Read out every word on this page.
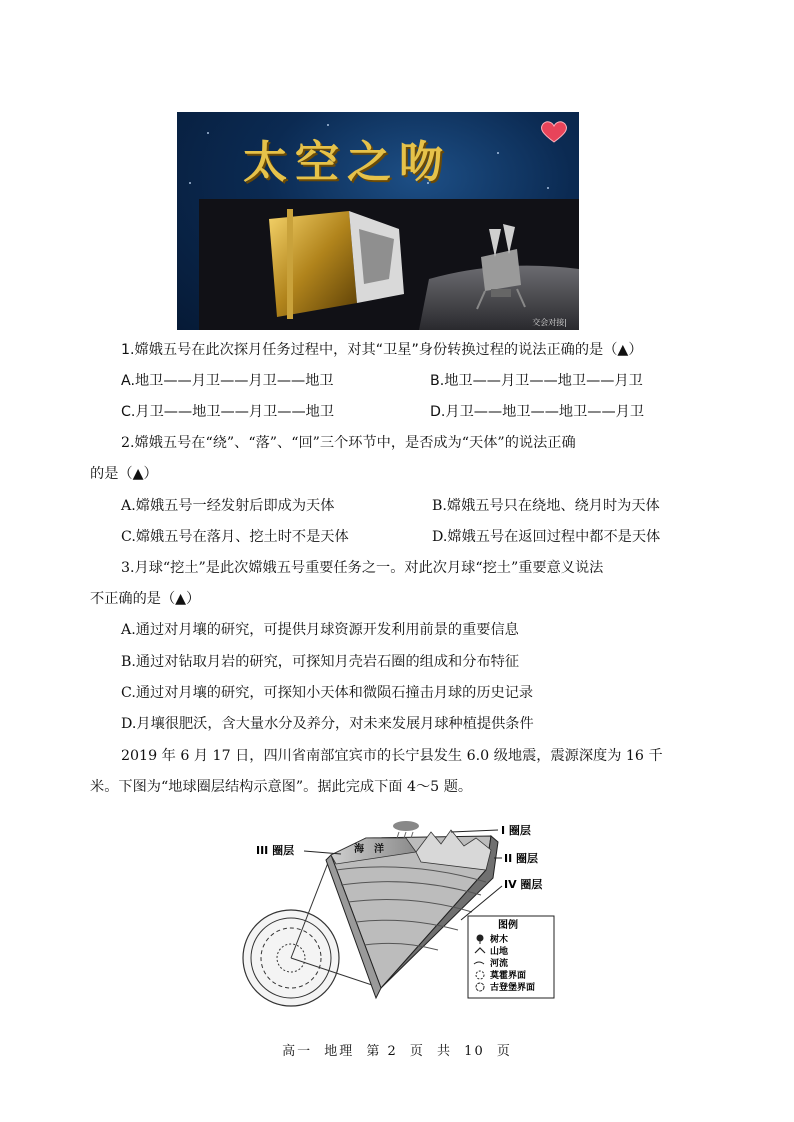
太空之吻
交会对接|
1.嫦娥五号在此次探月任务过程中，对其“卫星”身份转换过程的说法正确的是（▲）
A.地卫——月卫——月卫——地卫	B.地卫——月卫——地卫——月卫
C.月卫——地卫——月卫——地卫	D.月卫——地卫——地卫——月卫
2.嫦娥五号在“绕”、“落”、“回”三个环节中，是否成为“天体”的说法正确
的是（▲）
A.嫦娥五号一经发射后即成为天体	B.嫦娥五号只在绕地、绕月时为天体
C.嫦娥五号在落月、挖土时不是天体	D.嫦娥五号在返回过程中都不是天体
3.月球“挖土”是此次嫦娥五号重要任务之一。对此次月球“挖土”重要意义说法
不正确的是（▲）
A.通过对月壤的研究，可提供月球资源开发利用前景的重要信息
B.通过对钻取月岩的研究，可探知月壳岩石圈的组成和分布特征
C.通过对月壤的研究，可探知小天体和微陨石撞击月球的历史记录
D.月壤很肥沃，含大量水分及养分，对未来发展月球种植提供条件
2019 年 6 月 17 日，四川省南部宜宾市的长宁县发生 6.0 级地震，震源深度为 16 千
米。下图为“地球圈层结构示意图”。据此完成下面 4～5 题。
海　洋
I 圈层
II 圈层
III 圈层
IV 圈层
图例
树木
山地
河流
莫霍界面
古登堡界面
高一 地理 第 2 页 共 10 页
